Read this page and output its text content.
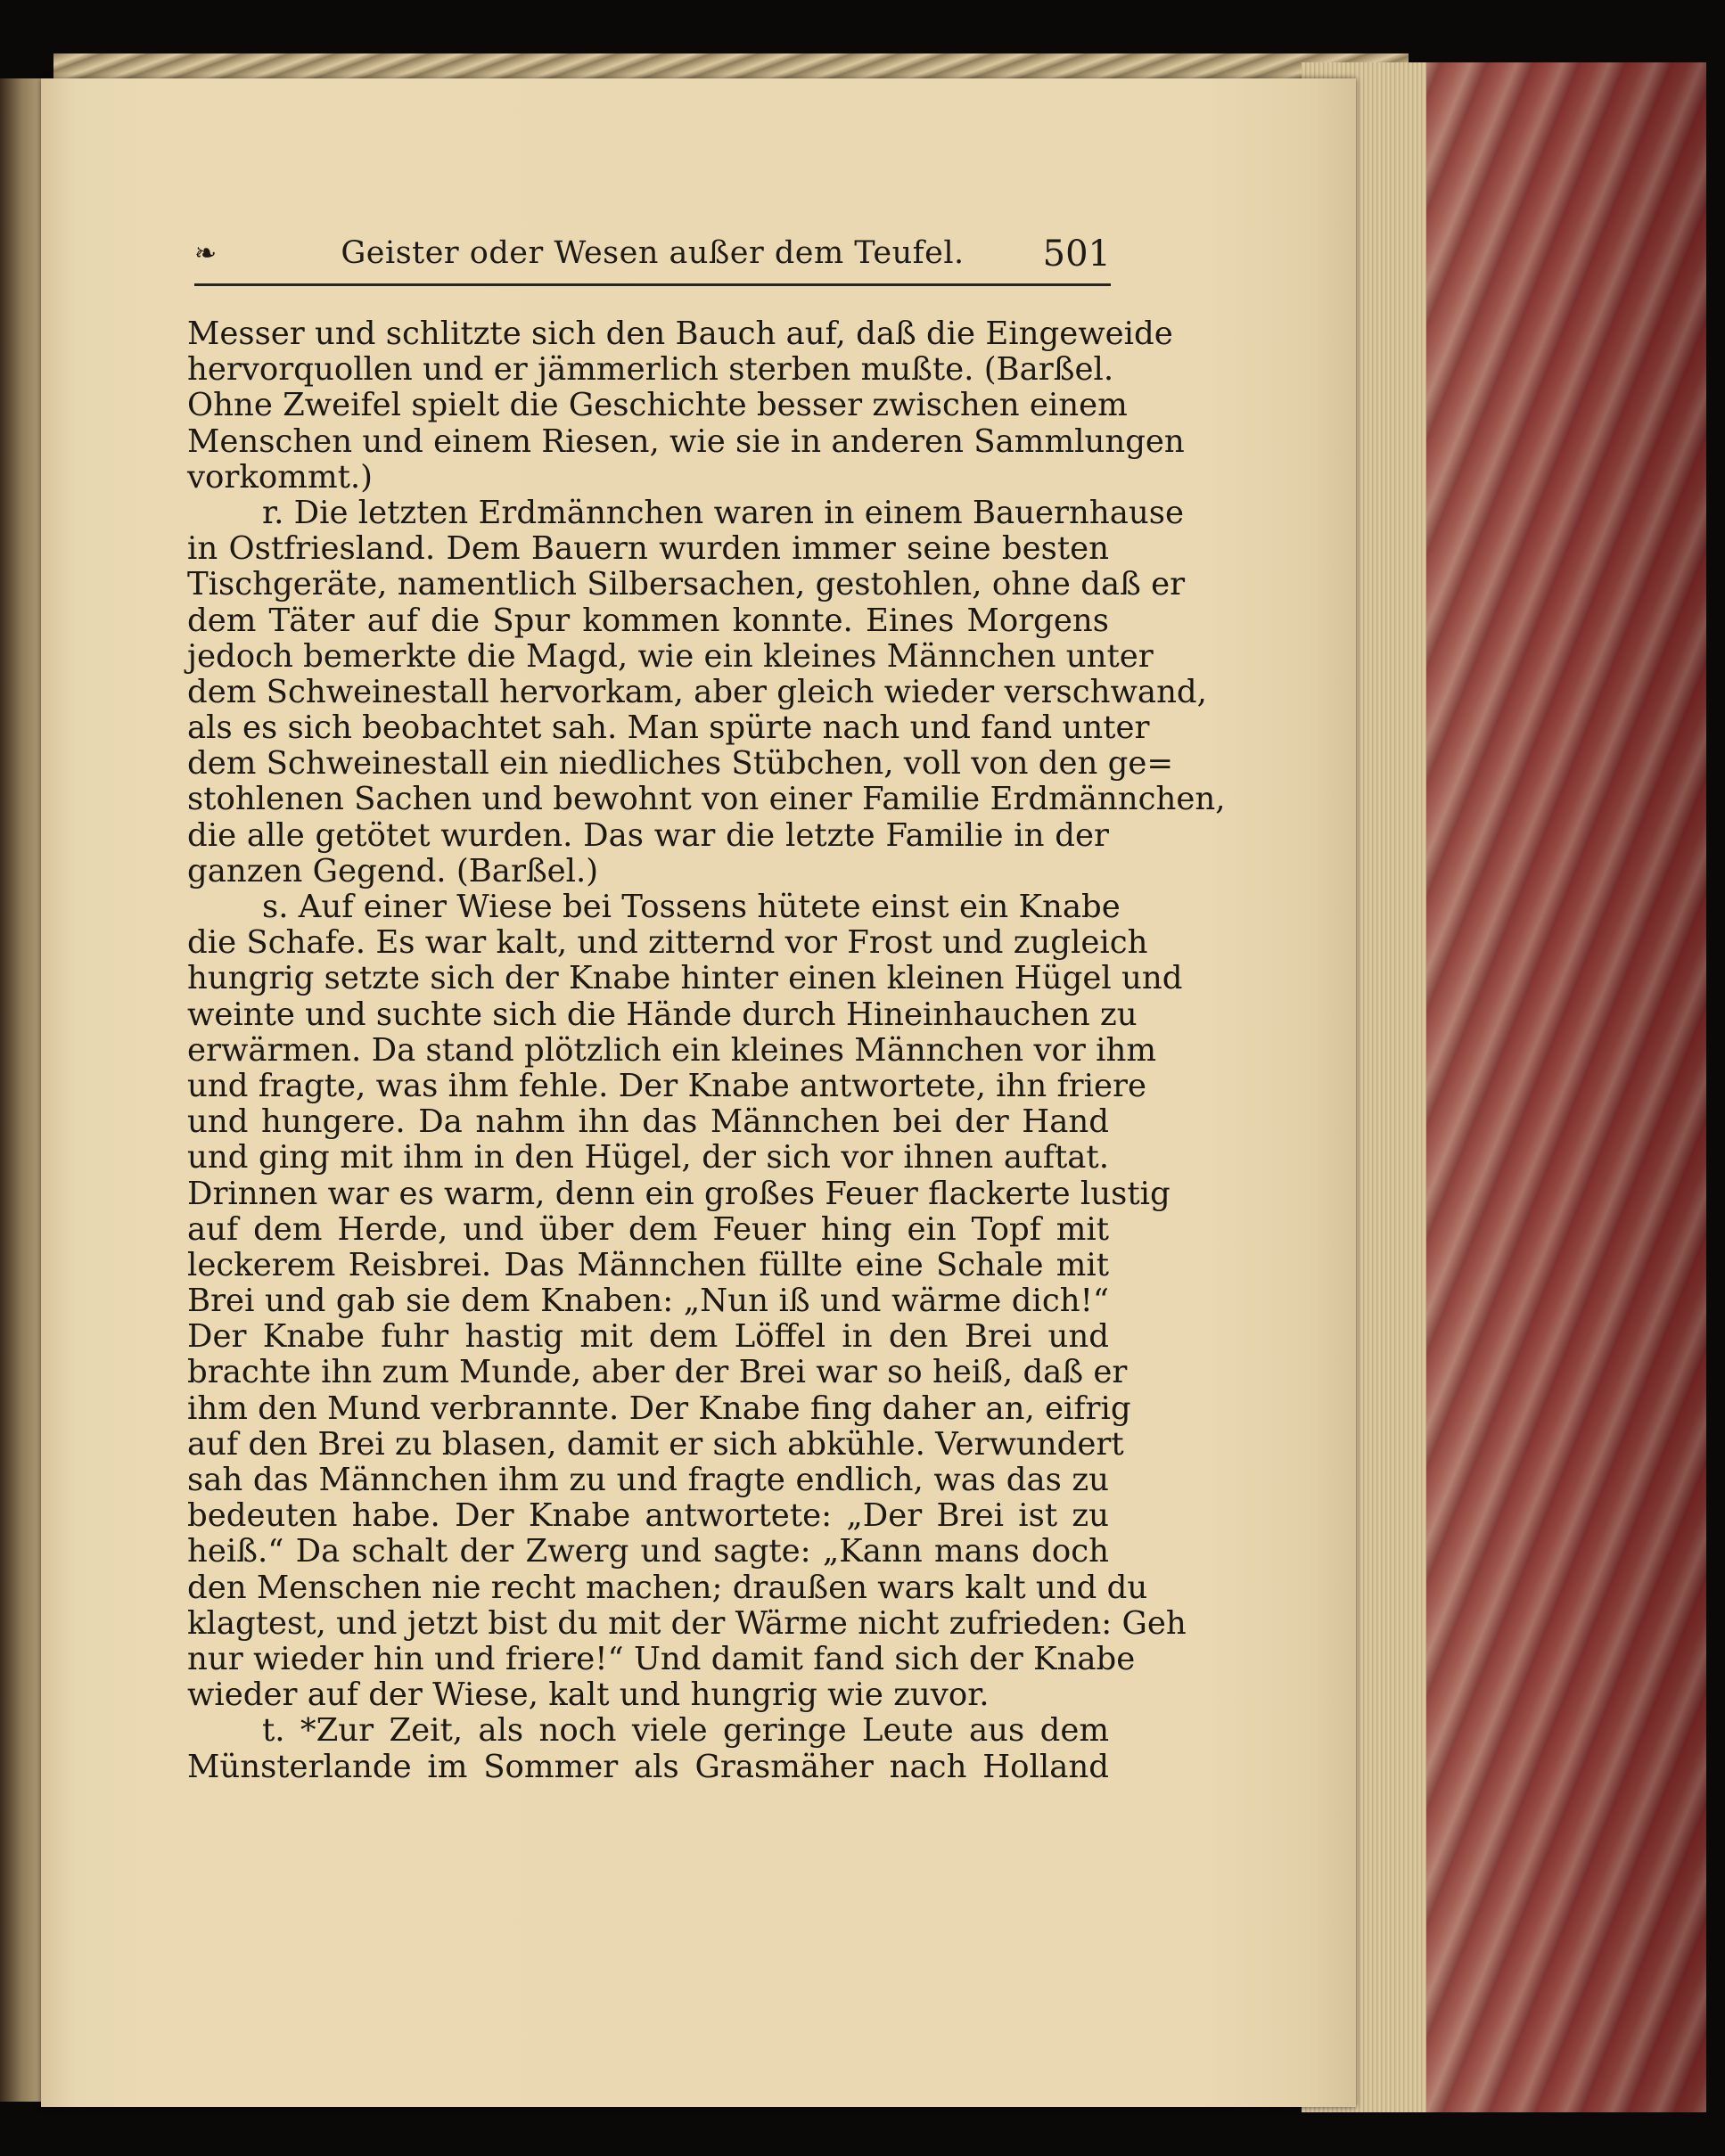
❧	Geister oder Wesen außer dem Teufel.	501
Messer und schlitzte sich den Bauch auf, daß die Eingeweide
hervorquollen und er jämmerlich sterben mußte. (Barßel.
Ohne Zweifel spielt die Geschichte besser zwischen einem
Menschen und einem Riesen, wie sie in anderen Sammlungen
vorkommt.)
r. Die letzten Erdmännchen waren in einem Bauernhause
in Ostfriesland. Dem Bauern wurden immer seine besten
Tischgeräte, namentlich Silbersachen, gestohlen, ohne daß er
dem Täter auf die Spur kommen konnte. Eines Morgens
jedoch bemerkte die Magd, wie ein kleines Männchen unter
dem Schweinestall hervorkam, aber gleich wieder verschwand,
als es sich beobachtet sah. Man spürte nach und fand unter
dem Schweinestall ein niedliches Stübchen, voll von den ge=
stohlenen Sachen und bewohnt von einer Familie Erdmännchen,
die alle getötet wurden. Das war die letzte Familie in der
ganzen Gegend. (Barßel.)
s. Auf einer Wiese bei Tossens hütete einst ein Knabe
die Schafe. Es war kalt, und zitternd vor Frost und zugleich
hungrig setzte sich der Knabe hinter einen kleinen Hügel und
weinte und suchte sich die Hände durch Hineinhauchen zu
erwärmen. Da stand plötzlich ein kleines Männchen vor ihm
und fragte, was ihm fehle. Der Knabe antwortete, ihn friere
und hungere. Da nahm ihn das Männchen bei der Hand
und ging mit ihm in den Hügel, der sich vor ihnen auftat.
Drinnen war es warm, denn ein großes Feuer flackerte lustig
auf dem Herde, und über dem Feuer hing ein Topf mit
leckerem Reisbrei. Das Männchen füllte eine Schale mit
Brei und gab sie dem Knaben: „Nun iß und wärme dich!“
Der Knabe fuhr hastig mit dem Löffel in den Brei und
brachte ihn zum Munde, aber der Brei war so heiß, daß er
ihm den Mund verbrannte. Der Knabe fing daher an, eifrig
auf den Brei zu blasen, damit er sich abkühle. Verwundert
sah das Männchen ihm zu und fragte endlich, was das zu
bedeuten habe. Der Knabe antwortete: „Der Brei ist zu
heiß.“ Da schalt der Zwerg und sagte: „Kann mans doch
den Menschen nie recht machen; draußen wars kalt und du
klagtest, und jetzt bist du mit der Wärme nicht zufrieden: Geh
nur wieder hin und friere!“ Und damit fand sich der Knabe
wieder auf der Wiese, kalt und hungrig wie zuvor.
t. *Zur Zeit, als noch viele geringe Leute aus dem
Münsterlande im Sommer als Grasmäher nach Holland
